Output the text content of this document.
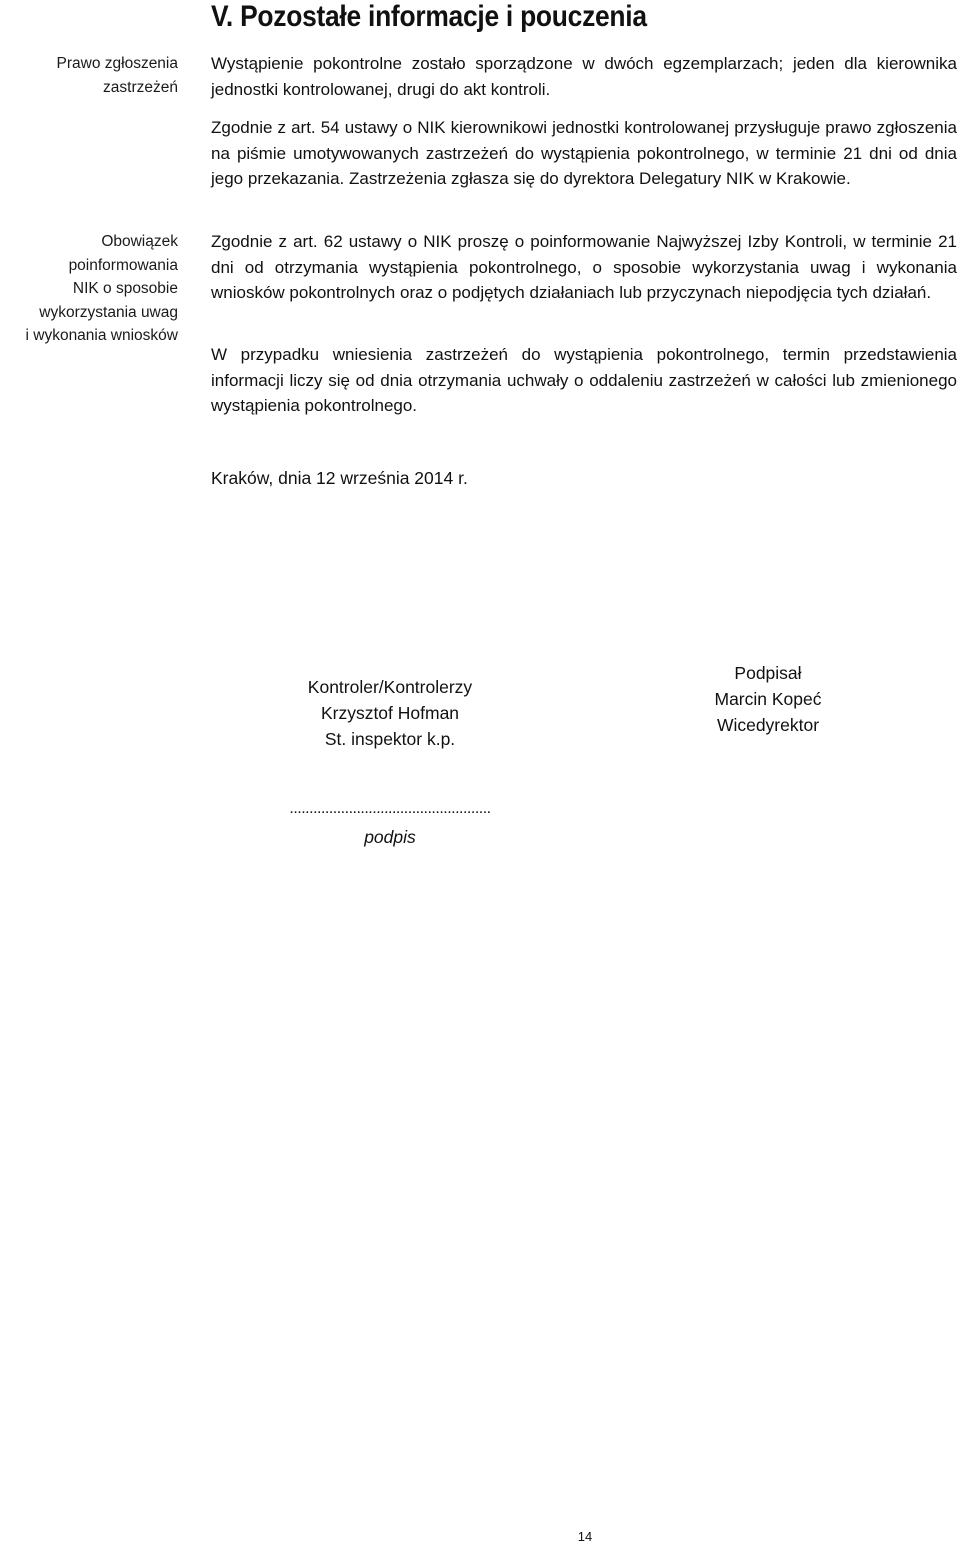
V. Pozostałe informacje i pouczenia
Prawo zgłoszenia
zastrzeżeń
Obowiązek
poinformowania
NIK o sposobie
wykorzystania uwag
i wykonania wniosków

Wystąpienie pokontrolne zostało sporządzone w dwóch egzemplarzach; jeden dla kierownika jednostki kontrolowanej, drugi do akt kontroli.

Zgodnie z art. 54 ustawy o NIK kierownikowi jednostki kontrolowanej przysługuje prawo zgłoszenia na piśmie umotywowanych zastrzeżeń do wystąpienia pokontrolnego, w terminie 21 dni od dnia jego przekazania. Zastrzeżenia zgłasza się do dyrektora Delegatury NIK w Krakowie.

Zgodnie z art. 62 ustawy o NIK proszę o poinformowanie Najwyższej Izby Kontroli, w terminie 21 dni od otrzymania wystąpienia pokontrolnego, o sposobie wykorzystania uwag i wykonania wniosków pokontrolnych oraz o podjętych działaniach lub przyczynach niepodjęcia tych działań.

W przypadku wniesienia zastrzeżeń do wystąpienia pokontrolnego, termin przedstawienia informacji liczy się od dnia otrzymania uchwały o oddaleniu zastrzeżeń w całości lub zmienionego wystąpienia pokontrolnego.

Kraków, dnia 12 września 2014 r.
Kontroler/Kontrolerzy
Krzysztof Hofman
St. inspektor k.p.
Podpisał
Marcin Kopeć
Wicedyrektor
...................................................
podpis
14
